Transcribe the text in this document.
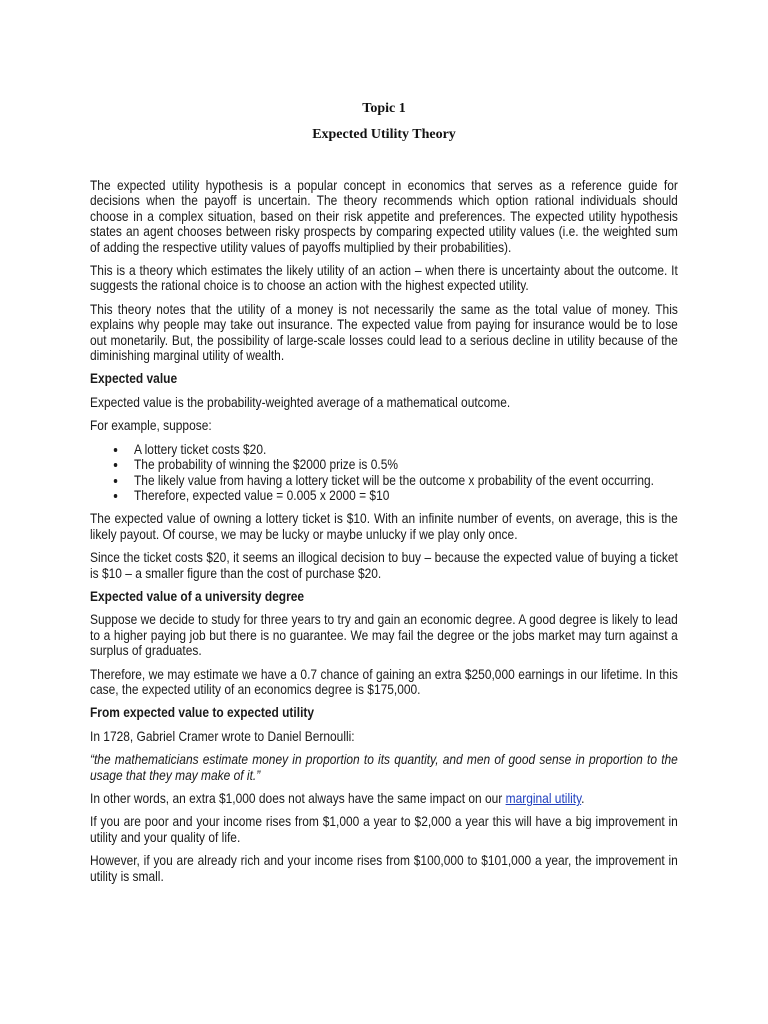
Topic 1
Expected Utility Theory

The expected utility hypothesis is a popular concept in economics that serves as a reference guide for decisions when the payoff is uncertain. The theory recommends which option rational individuals should choose in a complex situation, based on their risk appetite and preferences. The expected utility hypothesis states an agent chooses between risky prospects by comparing expected utility values (i.e. the weighted sum of adding the respective utility values of payoffs multiplied by their probabilities).

This is a theory which estimates the likely utility of an action – when there is uncertainty about the outcome. It suggests the rational choice is to choose an action with the highest expected utility.

This theory notes that the utility of a money is not necessarily the same as the total value of money. This explains why people may take out insurance. The expected value from paying for insurance would be to lose out monetarily. But, the possibility of large-scale losses could lead to a serious decline in utility because of the diminishing marginal utility of wealth.

Expected value

Expected value is the probability-weighted average of a mathematical outcome.

For example, suppose:

• A lottery ticket costs $20.
• The probability of winning the $2000 prize is 0.5%
• The likely value from having a lottery ticket will be the outcome x probability of the event occurring.
• Therefore, expected value = 0.005 x 2000 = $10

The expected value of owning a lottery ticket is $10. With an infinite number of events, on average, this is the likely payout. Of course, we may be lucky or maybe unlucky if we play only once.

Since the ticket costs $20, it seems an illogical decision to buy – because the expected value of buying a ticket is $10 – a smaller figure than the cost of purchase $20.

Expected value of a university degree

Suppose we decide to study for three years to try and gain an economic degree. A good degree is likely to lead to a higher paying job but there is no guarantee. We may fail the degree or the jobs market may turn against a surplus of graduates.

Therefore, we may estimate we have a 0.7 chance of gaining an extra $250,000 earnings in our lifetime. In this case, the expected utility of an economics degree is $175,000.

From expected value to expected utility

In 1728, Gabriel Cramer wrote to Daniel Bernoulli:

“the mathematicians estimate money in proportion to its quantity, and men of good sense in proportion to the usage that they may make of it.”

In other words, an extra $1,000 does not always have the same impact on our marginal utility.

If you are poor and your income rises from $1,000 a year to $2,000 a year this will have a big improvement in utility and your quality of life.

However, if you are already rich and your income rises from $100,000 to $101,000 a year, the improvement in utility is small.
